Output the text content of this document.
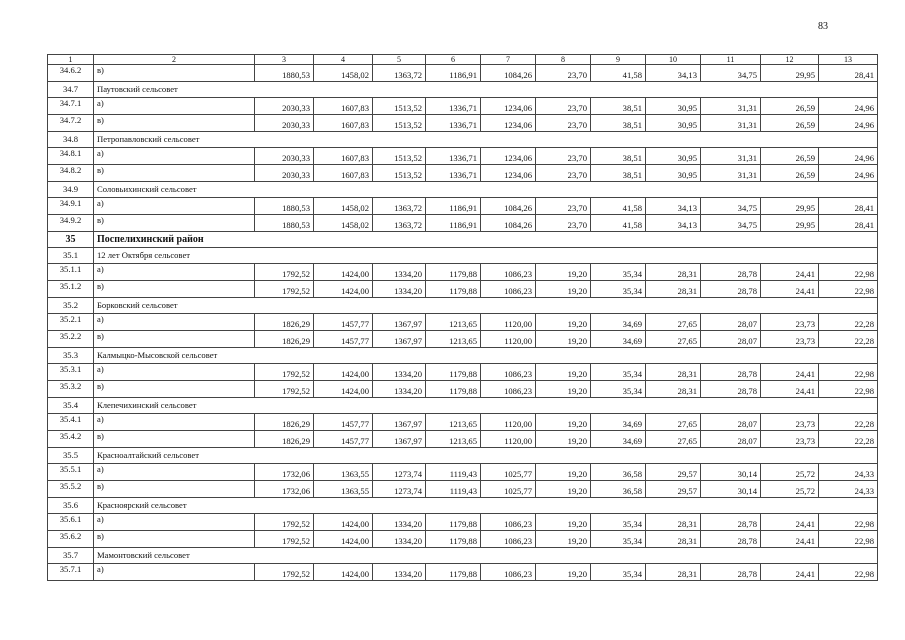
83
1	2	3	4	5	6	7	8	9	10	11	12	13
34.6.2	в)	1880,53	1458,02	1363,72	1186,91	1084,26	23,70	41,58	34,13	34,75	29,95	28,41
34.7	Паутовский сельсовет											
34.7.1	а)	2030,33	1607,83	1513,52	1336,71	1234,06	23,70	38,51	30,95	31,31	26,59	24,96
34.7.2	в)	2030,33	1607,83	1513,52	1336,71	1234,06	23,70	38,51	30,95	31,31	26,59	24,96
34.8	Петропавловский сельсовет											
34.8.1	а)	2030,33	1607,83	1513,52	1336,71	1234,06	23,70	38,51	30,95	31,31	26,59	24,96
34.8.2	в)	2030,33	1607,83	1513,52	1336,71	1234,06	23,70	38,51	30,95	31,31	26,59	24,96
34.9	Соловьихинский сельсовет											
34.9.1	а)	1880,53	1458,02	1363,72	1186,91	1084,26	23,70	41,58	34,13	34,75	29,95	28,41
34.9.2	в)	1880,53	1458,02	1363,72	1186,91	1084,26	23,70	41,58	34,13	34,75	29,95	28,41
35	Поспелихинский район											
35.1	12 лет Октября сельсовет											
35.1.1	а)	1792,52	1424,00	1334,20	1179,88	1086,23	19,20	35,34	28,31	28,78	24,41	22,98
35.1.2	в)	1792,52	1424,00	1334,20	1179,88	1086,23	19,20	35,34	28,31	28,78	24,41	22,98
35.2	Борковский сельсовет											
35.2.1	а)	1826,29	1457,77	1367,97	1213,65	1120,00	19,20	34,69	27,65	28,07	23,73	22,28
35.2.2	в)	1826,29	1457,77	1367,97	1213,65	1120,00	19,20	34,69	27,65	28,07	23,73	22,28
35.3	Калмыцко-Мысовской сельсовет											
35.3.1	а)	1792,52	1424,00	1334,20	1179,88	1086,23	19,20	35,34	28,31	28,78	24,41	22,98
35.3.2	в)	1792,52	1424,00	1334,20	1179,88	1086,23	19,20	35,34	28,31	28,78	24,41	22,98
35.4	Клепечихинский сельсовет											
35.4.1	а)	1826,29	1457,77	1367,97	1213,65	1120,00	19,20	34,69	27,65	28,07	23,73	22,28
35.4.2	в)	1826,29	1457,77	1367,97	1213,65	1120,00	19,20	34,69	27,65	28,07	23,73	22,28
35.5	Красноалтайский сельсовет											
35.5.1	а)	1732,06	1363,55	1273,74	1119,43	1025,77	19,20	36,58	29,57	30,14	25,72	24,33
35.5.2	в)	1732,06	1363,55	1273,74	1119,43	1025,77	19,20	36,58	29,57	30,14	25,72	24,33
35.6	Красноярский сельсовет											
35.6.1	а)	1792,52	1424,00	1334,20	1179,88	1086,23	19,20	35,34	28,31	28,78	24,41	22,98
35.6.2	в)	1792,52	1424,00	1334,20	1179,88	1086,23	19,20	35,34	28,31	28,78	24,41	22,98
35.7	Мамонтовский сельсовет											
35.7.1	а)	1792,52	1424,00	1334,20	1179,88	1086,23	19,20	35,34	28,31	28,78	24,41	22,98
